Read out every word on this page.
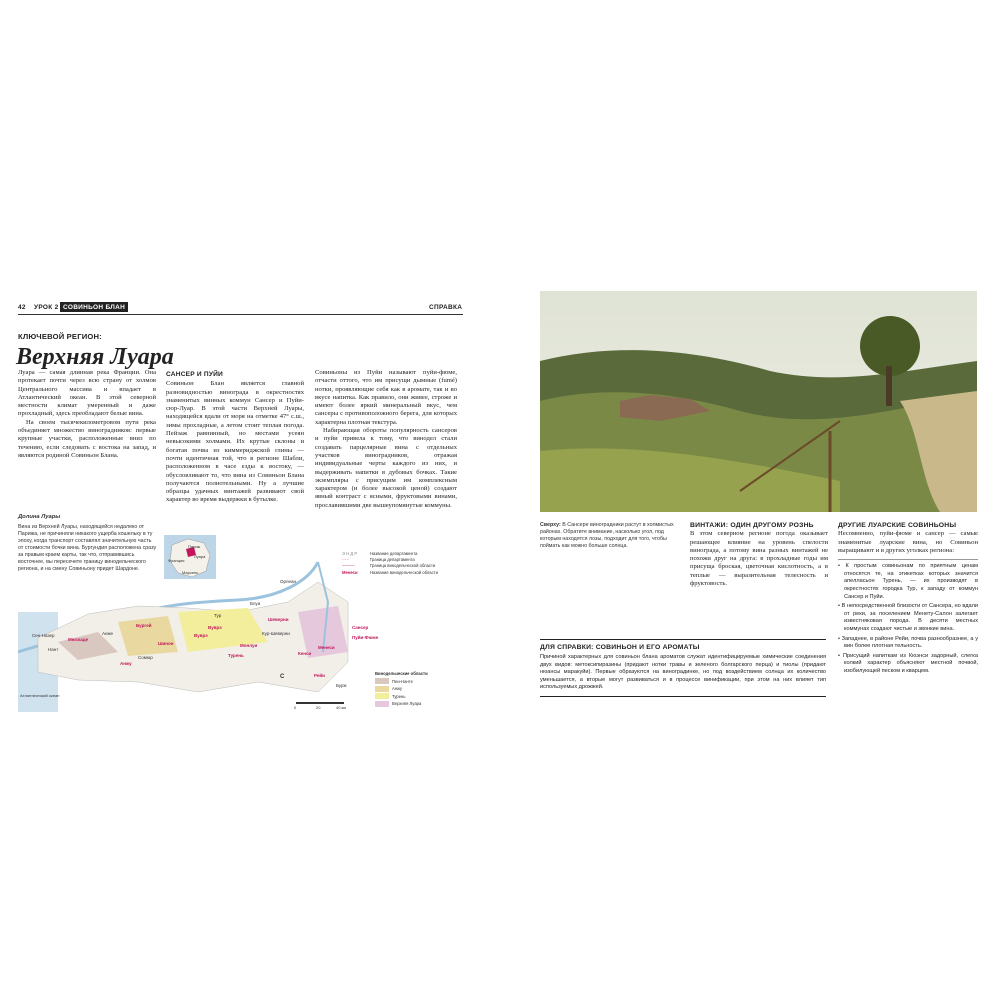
42 УРОК 2 СОВИНЬОН БЛАН	СПРАВКА
КЛЮЧЕВОЙ РЕГИОН:
Верхняя Луара

Луара — самая длинная река Франции. Она протекает почти через всю страну от холмов Центрального массива и впадает в Атлантический океан. В этой северной местности климат умеренный и даже прохладный, здесь преобладают белые вина.

На своем тысячекилометровом пути река объединяет множество виноградников: первые крупные участки, расположенные вниз по течению, если следовать с востока на запад, и являются родиной Совиньон Блана.

САНСЕР И ПУЙИ

Совиньон Блан является главной разновидностью винограда в окрестностях знаменитых винных коммун Сансер и Пуйи-сюр-Луар. В этой части Верхней Луары, находящейся вдали от моря на отметке 47° с.ш., зимы прохладные, а летом стоит теплая погода. Пейзаж равнинный, но местами усеян невысокими холмами. Их крутые склоны и богатая почва из киммериджской глины — почти идентичная той, что в регионе Шабли, расположенном в часе езды к востоку, — обусловливают то, что вина из Совиньон Блана получаются полнотельными. Ну а лучшие образцы удачных винтажей развивают свой характер во время выдержки в бутылке.

Совиньоны из Пуйи называют пуйи-фюме, отчасти оттого, что им присущи дымные (fumé) нотки, проявляющие себя как в аромате, так и во вкусе напитка. Как правило, они живее, строже и имеют более яркий минеральный вкус, чем сансеры с противоположного берега, для которых характерна плотная текстура.

Набирающая обороты популярность сансеров и пуйи привела к тому, что винодел стали создавать парцелярные вина с отдельных участков виноградников, отражая индивидуальные черты каждого из них, и выдерживать напитки в дубовых бочках. Такие экземпляры с присущим им комплексным характером (и более высокой ценой) создают явный контраст с ясными, фруктовыми винами, прославившими две вышеупомянутые коммуны.

Долина Луары
Вина из Верхней Луары, находящейся недалеко от Парижа, не причиняли никакого ущерба кошельку в ту эпоху, когда транспорт составлял значительную часть от стоимости бочки вина. Бургундия расположена сразу за правым краем карты, так что, отправившись восточнее, вы пересечете границу винодельческого региона, и на смену Совиньону придет Шардоне.
Париж
Луара
Франция
Марсель
Э Н Д Р	Название департамента
- - -	Граница департамента
———	Граница винодельческой области
Менеси	Название винодельческой области
Орлеан
Сансер
Пуйи-Фюме
Менеси
Кенси
Рейи
Вуврэ
Шинон
Бургей
Анже
Нант
Сомюр
Тур
Блуа
Мюскаде
Монлуи
Шеверни
Турень
Анжу
Вуврэ
Бурж
Кур-Шеверни
Сен-Назер
Атлантический океан
С
0	20	40 км
Винодельческие области
Пеи-Нанте
Анжу
Турень
Верхняя Луара
Сверху: В Сансере виноградники растут в холмистых районах. Обратите внимание, насколько угол, под которым находятся лозы, подходит для того, чтобы поймать как можно больше солнца.
ВИНТАЖИ: ОДИН ДРУГОМУ РОЗНЬ

В этом северном регионе погода оказывает решающее влияние на уровень спелости винограда, а потому вина разных винтажей не похожи друг на друга: в прохладные годы им присуща броская, цветочная кислотность, а в теплые — выразительная телесность и фруктовость.

ДРУГИЕ ЛУАРСКИЕ СОВИНЬОНЫ

Несомненно, пуйи-фюме и сансер — самые знаменитые луарские вина, но Совиньон выращивают и в других уголках региона:

• К простым совиньонам по приятным ценам относятся те, на этикетках которых значится апелласьон Турень, — их производят в окрестностях городка Тур, к западу от коммун Сансер и Пуйи.
• В непосредственной близости от Сансера, но вдали от реки, за поселением Менету-Салон залегает известняковая порода. В десяти местных коммунах создают чистые и звонкие вина.
• Западнее, в районе Рейи, почва разнообразнее, а у вин более плотная тельность.
• Присущий напиткам из Кюэнси задорный, слегка колкий характер объясняют местной почвой, изобилующей песком и кварцем.
ДЛЯ СПРАВКИ: СОВИНЬОН И ЕГО АРОМАТЫ
Причиной характерных для совиньон блана ароматов служат идентифицируемые химические соединения двух видов: метоксипиразины (придают нотки травы и зеленого болгарского перца) и тиолы (придают нюансы маракуйи). Первые образуются на виноградинке, но под воздействием солнца их количество уменьшается, а вторые могут развиваться и в процессе винификации, при этом на них влияет тип используемых дрожжей.
